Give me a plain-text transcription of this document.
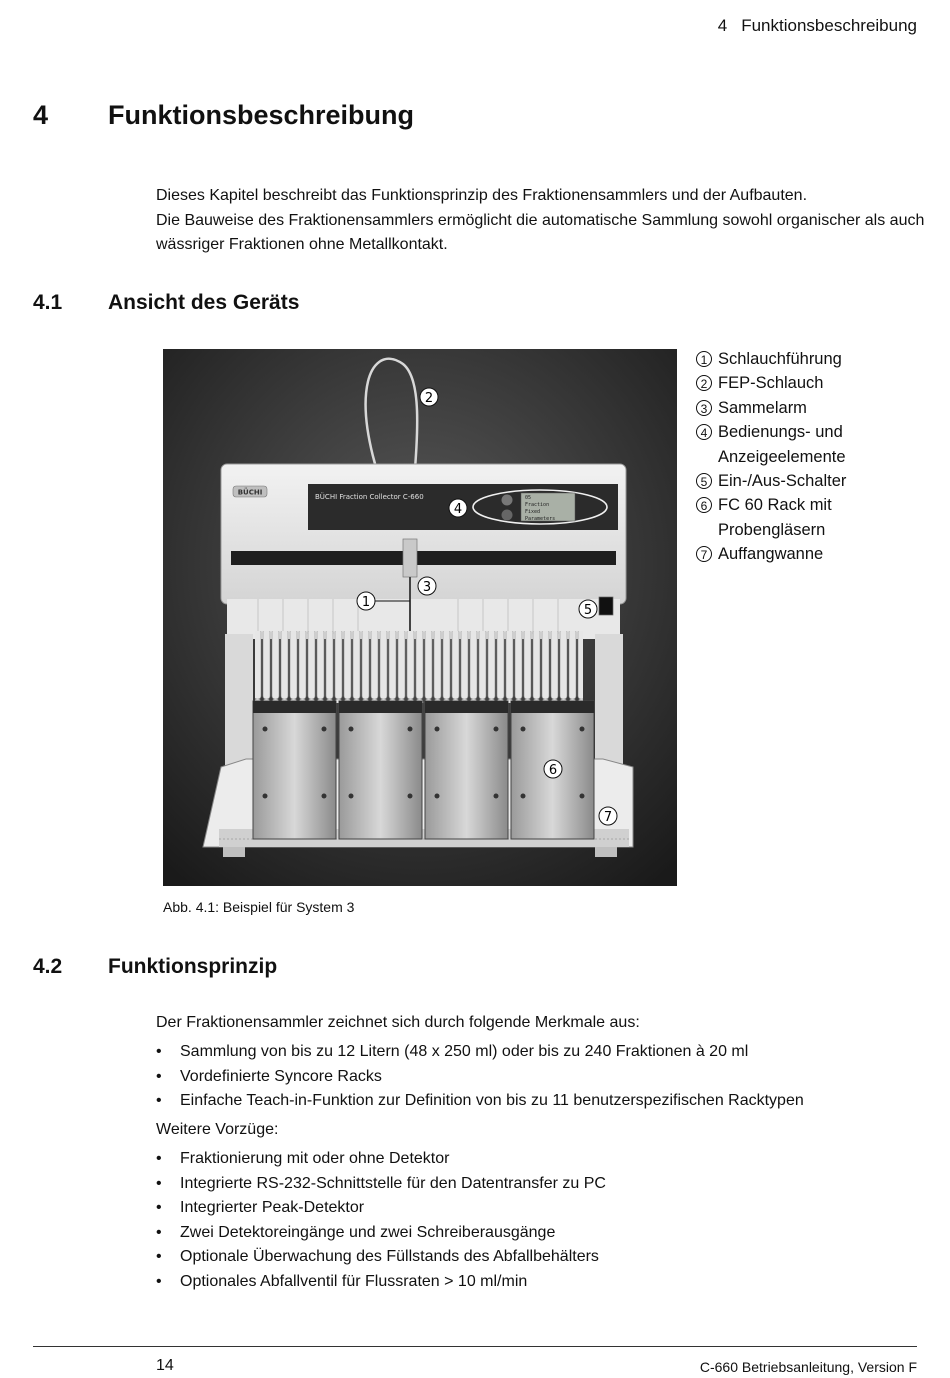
4 Funktionsbeschreibung
4 Funktionsbeschreibung
Dieses Kapitel beschreibt das Funktionsprinzip des Fraktionensammlers und der Aufbauten.
Die Bauweise des Fraktionensammlers ermöglicht die automatische Sammlung sowohl organischer als auch wässriger Fraktionen ohne Metallkontakt.
4.1 Ansicht des Geräts
BÜCHI
BÜCHI Fraction Collector C-660	05
Fraction
Fixed
Parameters
1
2
3
4
5
6
7
1 Schlauchführung
2 FEP-Schlauch
3 Sammelarm
4 Bedienungs- und Anzeigeelemente
5 Ein-/Aus-Schalter
6 FC 60 Rack mit Probengläsern
7 Auffangwanne
Abb. 4.1: Beispiel für System 3
4.2 Funktionsprinzip
Der Fraktionensammler zeichnet sich durch folgende Merkmale aus:
• Sammlung von bis zu 12 Litern (48 x 250 ml) oder bis zu 240 Fraktionen à 20 ml
• Vordefinierte Syncore Racks
• Einfache Teach-in-Funktion zur Definition von bis zu 11 benutzerspezifischen Racktypen
Weitere Vorzüge:
• Fraktionierung mit oder ohne Detektor
• Integrierte RS-232-Schnittstelle für den Datentransfer zu PC
• Integrierter Peak-Detektor
• Zwei Detektoreingänge und zwei Schreiberausgänge
• Optionale Überwachung des Füllstands des Abfallbehälters
• Optionales Abfallventil für Flussraten > 10 ml/min
14	C-660 Betriebsanleitung, Version F
